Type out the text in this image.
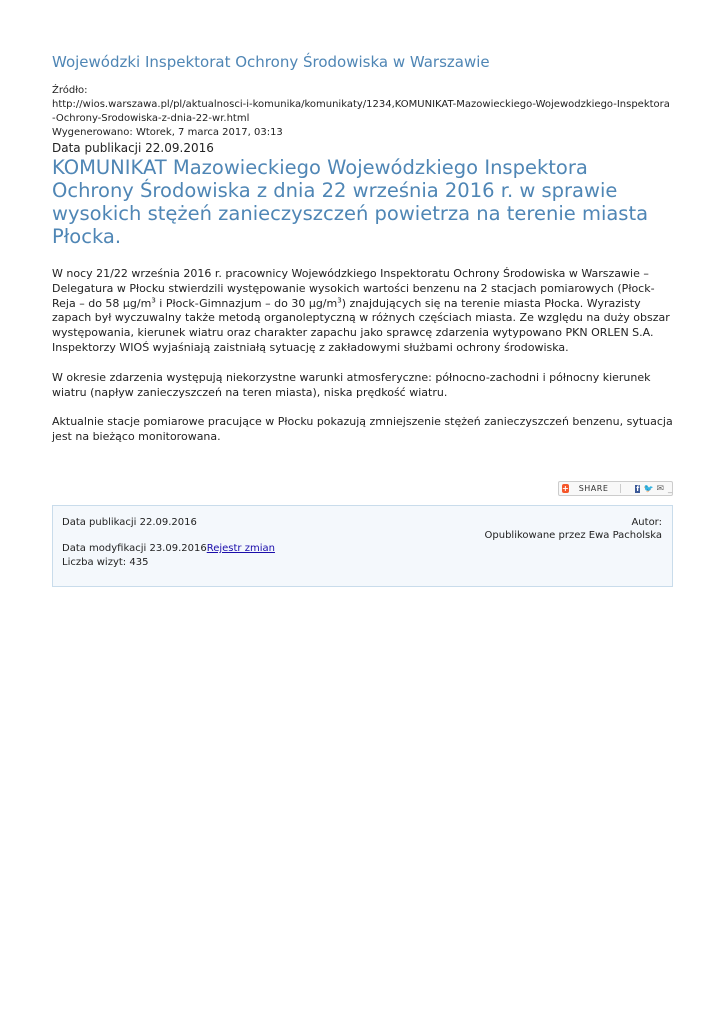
Wojewódzki Inspektorat Ochrony Środowiska w Warszawie
Źródło:
http://wios.warszawa.pl/pl/aktualnosci-i-komunika/komunikaty/1234,KOMUNIKAT-Mazowieckiego-Wojewodzkiego-Inspektora-Ochrony-Srodowiska-z-dnia-22-wr.html
Wygenerowano: Wtorek, 7 marca 2017, 03:13
Data publikacji 22.09.2016
KOMUNIKAT Mazowieckiego Wojewódzkiego Inspektora Ochrony Środowiska z dnia 22 września 2016 r. w sprawie wysokich stężeń zanieczyszczeń powietrza na terenie miasta Płocka.

W nocy 21/22 września 2016 r. pracownicy Wojewódzkiego Inspektoratu Ochrony Środowiska w Warszawie – Delegatura w Płocku stwierdzili występowanie wysokich wartości benzenu na 2 stacjach pomiarowych (Płock-Reja – do 58 $\mu g/m^3$ i Płock-Gimnazjum – do 30 $\mu g/m^3$) znajdujących się na terenie miasta Płocka. Wyrazisty zapach był wyczuwalny także metodą organoleptyczną w różnych częściach miasta. Ze względu na duży obszar występowania, kierunek wiatru oraz charakter zapachu jako sprawcę zdarzenia wytypowano PKN ORLEN S.A. Inspektorzy WIOŚ wyjaśniają zaistniałą sytuację z zakładowymi służbami ochrony środowiska.

W okresie zdarzenia występują niekorzystne warunki atmosferyczne: północno-zachodni i północny kierunek wiatru (napływ zanieczyszczeń na teren miasta), niska prędkość wiatru.

Aktualnie stacje pomiarowe pracujące w Płocku pokazują zmniejszenie stężeń zanieczyszczeń benzenu, sytuacja jest na bieżąco monitorowana.

+ SHARE	f 🐦 ✉ _
Data publikacji 22.09.2016	Autor:
Opublikowane przez Ewa Pacholska
Data modyfikacji 23.09.2016Rejestr zmian
Liczba wizyt: 435
